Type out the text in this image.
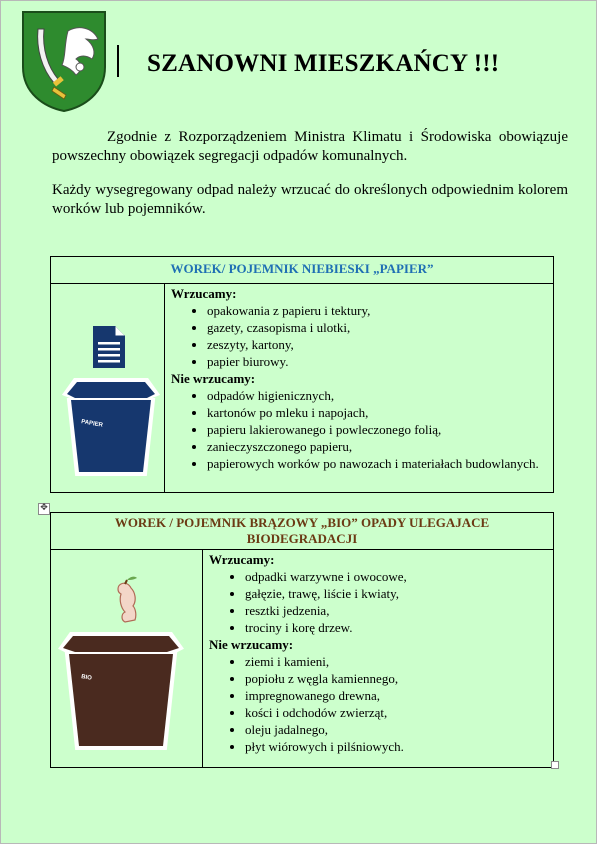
SZANOWNI MIESZKAŃCY !!!

Zgodnie z Rozporządzeniem Ministra Klimatu i Środowiska obowiązuje powszechny obowiązek segregacji odpadów komunalnych.

Każdy wysegregowany odpad należy wrzucać do określonych odpowiednim kolorem worków lub pojemników.

WOREK/ POJEMNIK NIEBIESKI „PAPIER”

PAPIER

Wrzucamy:
opakowania z papieru i tektury,
gazety, czasopisma i ulotki,
zeszyty, kartony,
papier biurowy.
Nie wrzucamy:
odpadów higienicznych,
kartonów po mleku i napojach,
papieru lakierowanego i powleczonego folią,
zanieczyszczonego papieru,
papierowych worków po nawozach i materiałach budowlanych.
✥
WOREK / POJEMNIK BRĄZOWY „BIO” OPADY ULEGAJACE BIODEGRADACJI

BIO

Wrzucamy:
odpadki warzywne i owocowe,
gałęzie, trawę, liście i kwiaty,
resztki jedzenia,
trociny i korę drzew.
Nie wrzucamy:
ziemi i kamieni,
popiołu z węgla kamiennego,
impregnowanego drewna,
kości i odchodów zwierząt,
oleju jadalnego,
płyt wiórowych i pilśniowych.
